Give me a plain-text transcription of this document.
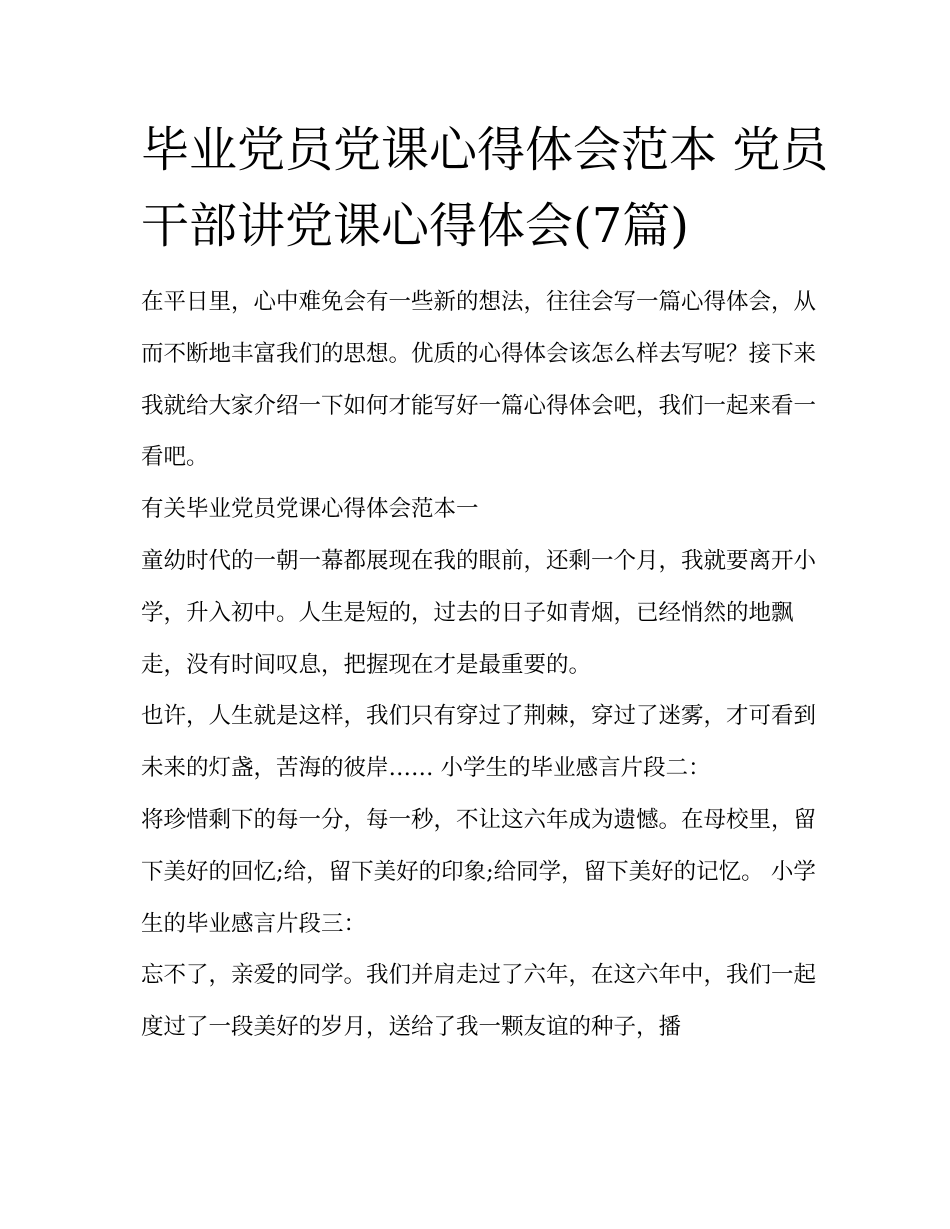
毕业党员党课心得体会范本 党员干部讲党课心得体会(7篇)

在平日里，心中难免会有一些新的想法，往往会写一篇心得体会，从而不断地丰富我们的思想。优质的心得体会该怎么样去写呢？接下来我就给大家介绍一下如何才能写好一篇心得体会吧，我们一起来看一看吧。

有关毕业党员党课心得体会范本一

童幼时代的一朝一幕都展现在我的眼前，还剩一个月，我就要离开小学，升入初中。人生是短的，过去的日子如青烟，已经悄然的地飘走，没有时间叹息，把握现在才是最重要的。

也许，人生就是这样，我们只有穿过了荆棘，穿过了迷雾，才可看到未来的灯盏，苦海的彼岸…… 小学生的毕业感言片段二：

将珍惜剩下的每一分，每一秒，不让这六年成为遗憾。在母校里，留下美好的回忆;给，留下美好的印象;给同学，留下美好的记忆。 小学生的毕业感言片段三：

忘不了，亲爱的同学。我们并肩走过了六年，在这六年中，我们一起度过了一段美好的岁月，送给了我一颗友谊的种子，播
